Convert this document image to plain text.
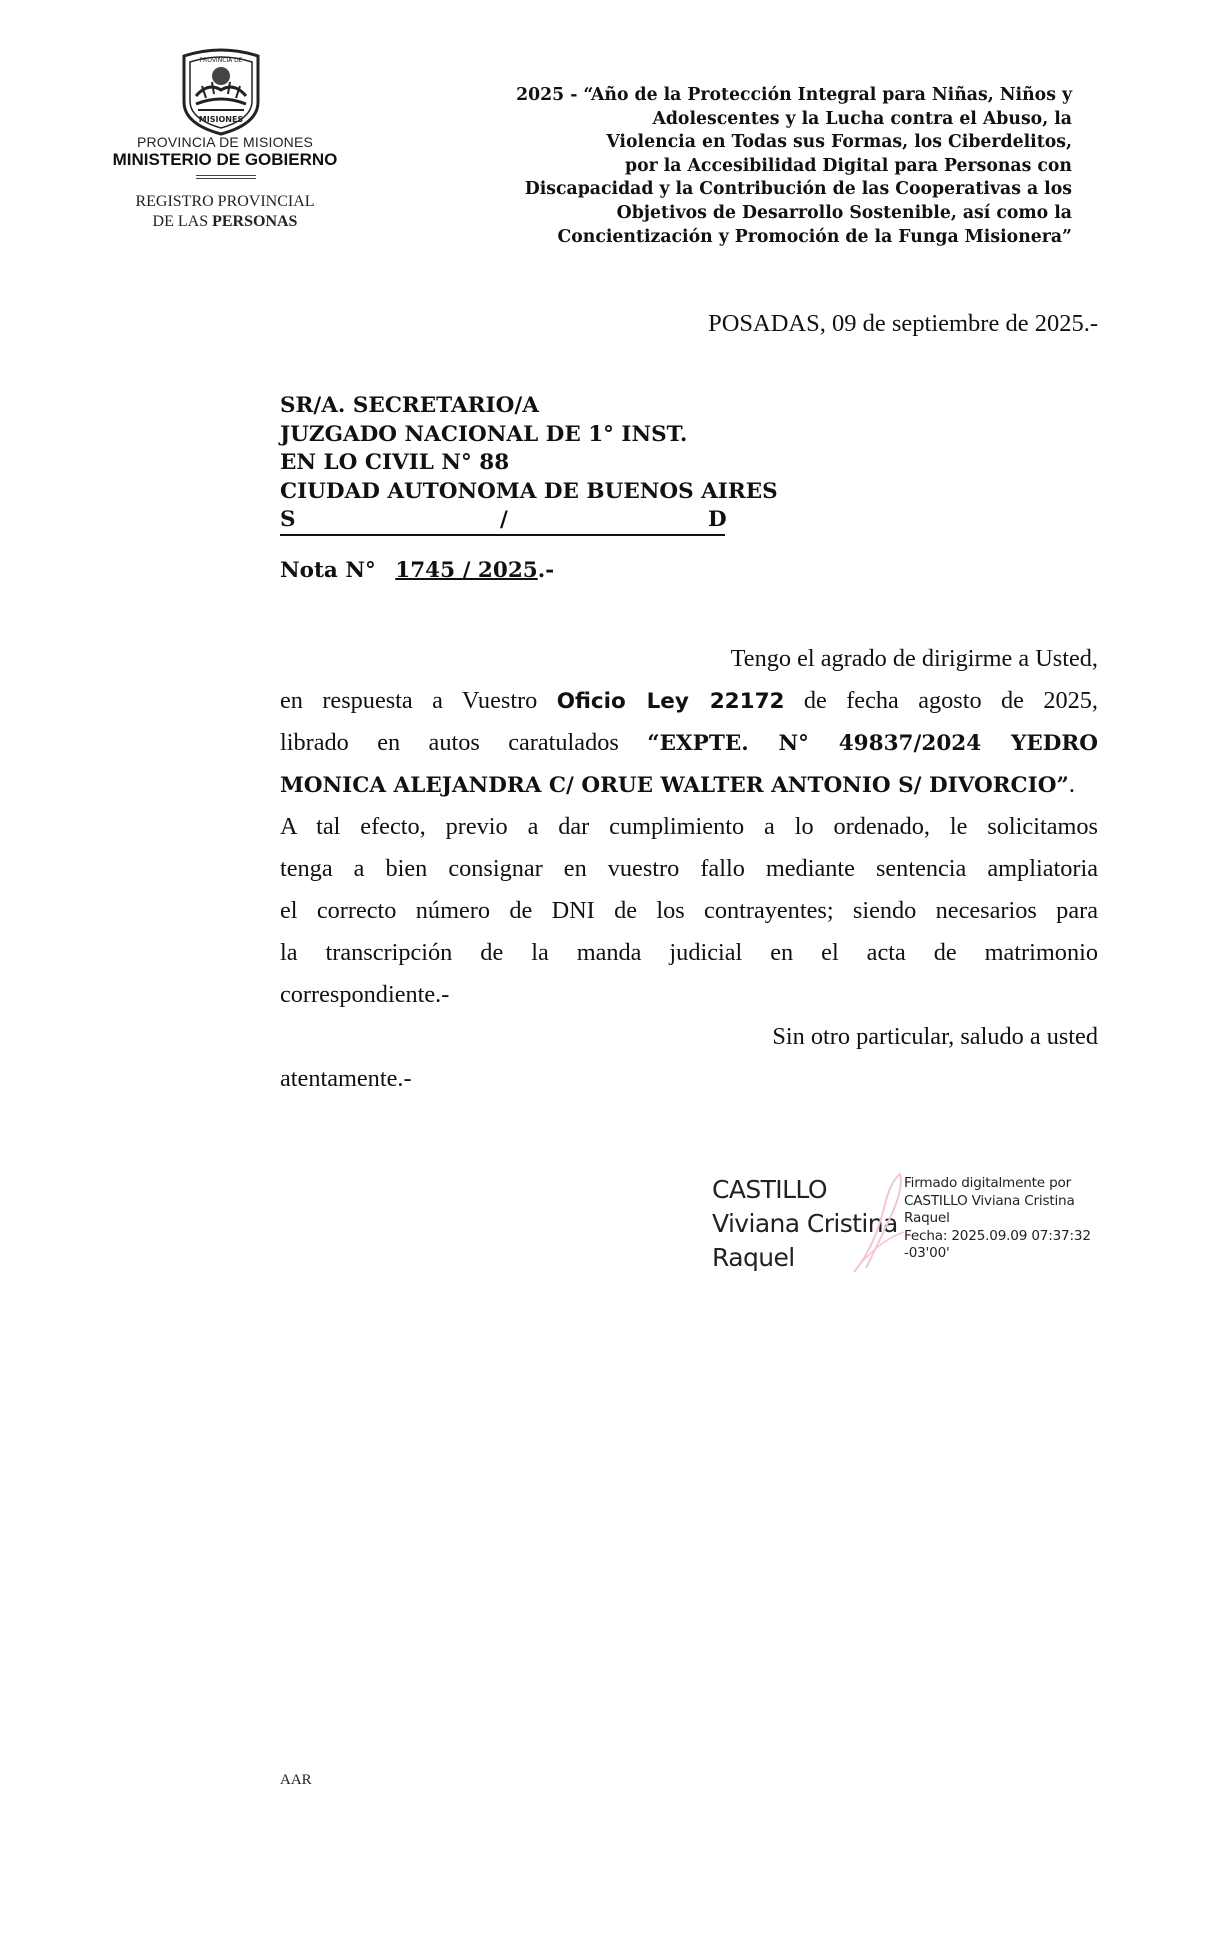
PROVINCIA DE
MISIONES
PROVINCIA DE MISIONES
MINISTERIO DE GOBIERNO
REGISTRO PROVINCIAL
DE LAS PERSONAS
2025 - “Año de la Protección Integral para Niñas, Niños y
Adolescentes y la Lucha contra el Abuso, la
Violencia en Todas sus Formas, los Ciberdelitos,
por la Accesibilidad Digital para Personas con
Discapacidad y la Contribución de las Cooperativas a los
Objetivos de Desarrollo Sostenible, así como la
Concientización y Promoción de la Funga Misionera”
POSADAS, 09 de septiembre de 2025.-
SR/A. SECRETARIO/A
JUZGADO NACIONAL DE 1° INST.
EN LO CIVIL N° 88
CIUDAD AUTONOMA DE BUENOS AIRES
S	/	D
Nota N° 1745 / 2025.-
Tengo el agrado de dirigirme a Usted,
en respuesta a Vuestro Oficio Ley 22172 de fecha agosto de 2025,
librado en autos caratulados “EXPTE. N° 49837/2024 YEDRO
MONICA ALEJANDRA C/ ORUE WALTER ANTONIO S/ DIVORCIO”.
A tal efecto, previo a dar cumplimiento a lo ordenado, le solicitamos
tenga a bien consignar en vuestro fallo mediante sentencia ampliatoria
el correcto número de DNI de los contrayentes; siendo necesarios para
la transcripción de la manda judicial en el acta de matrimonio
correspondiente.-
Sin otro particular, saludo a usted
atentamente.-
CASTILLO
Viviana Cristina
Raquel
Firmado digitalmente por
CASTILLO Viviana Cristina
Raquel
Fecha: 2025.09.09 07:37:32
-03'00'
AAR
